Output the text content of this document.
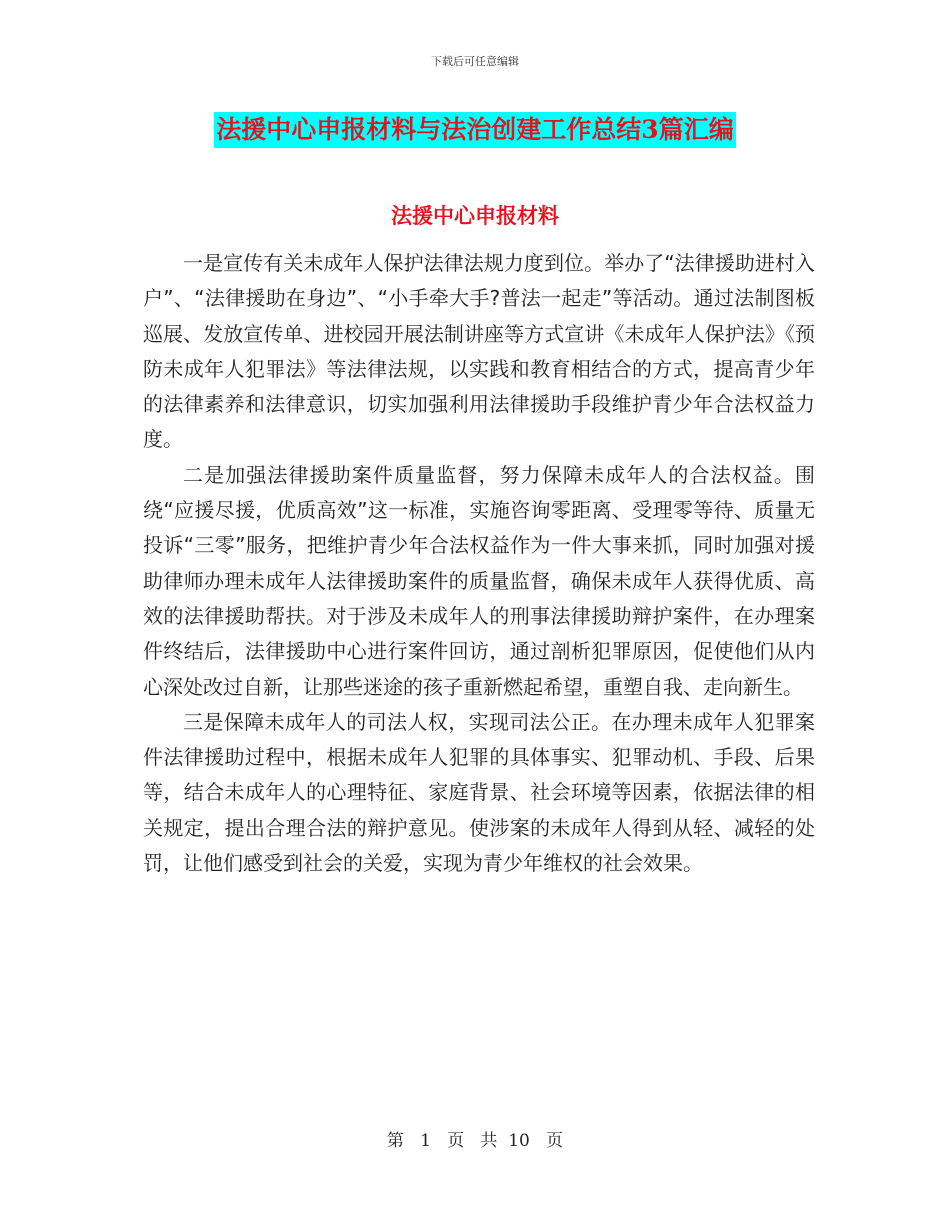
下载后可任意编辑
法援中心申报材料与法治创建工作总结3篇汇编
法援中心申报材料

一是宣传有关未成年人保护法律法规力度到位。举办了“法律援助进村入户”、“法律援助在身边”、“小手牵大手?普法一起走”等活动。通过法制图板巡展、发放宣传单、进校园开展法制讲座等方式宣讲《未成年人保护法》《预防未成年人犯罪法》等法律法规，以实践和教育相结合的方式，提高青少年的法律素养和法律意识，切实加强利用法律援助手段维护青少年合法权益力度。

二是加强法律援助案件质量监督，努力保障未成年人的合法权益。围绕“应援尽援，优质高效”这一标准，实施咨询零距离、受理零等待、质量无投诉“三零”服务，把维护青少年合法权益作为一件大事来抓，同时加强对援助律师办理未成年人法律援助案件的质量监督，确保未成年人获得优质、高效的法律援助帮扶。对于涉及未成年人的刑事法律援助辩护案件，在办理案件终结后，法律援助中心进行案件回访，通过剖析犯罪原因，促使他们从内心深处改过自新，让那些迷途的孩子重新燃起希望，重塑自我、走向新生。

三是保障未成年人的司法人权，实现司法公正。在办理未成年人犯罪案件法律援助过程中，根据未成年人犯罪的具体事实、犯罪动机、手段、后果等，结合未成年人的心理特征、家庭背景、社会环境等因素，依据法律的相关规定，提出合理合法的辩护意见。使涉案的未成年人得到从轻、减轻的处罚，让他们感受到社会的关爱，实现为青少年维权的社会效果。

第 1 页 共 10 页
